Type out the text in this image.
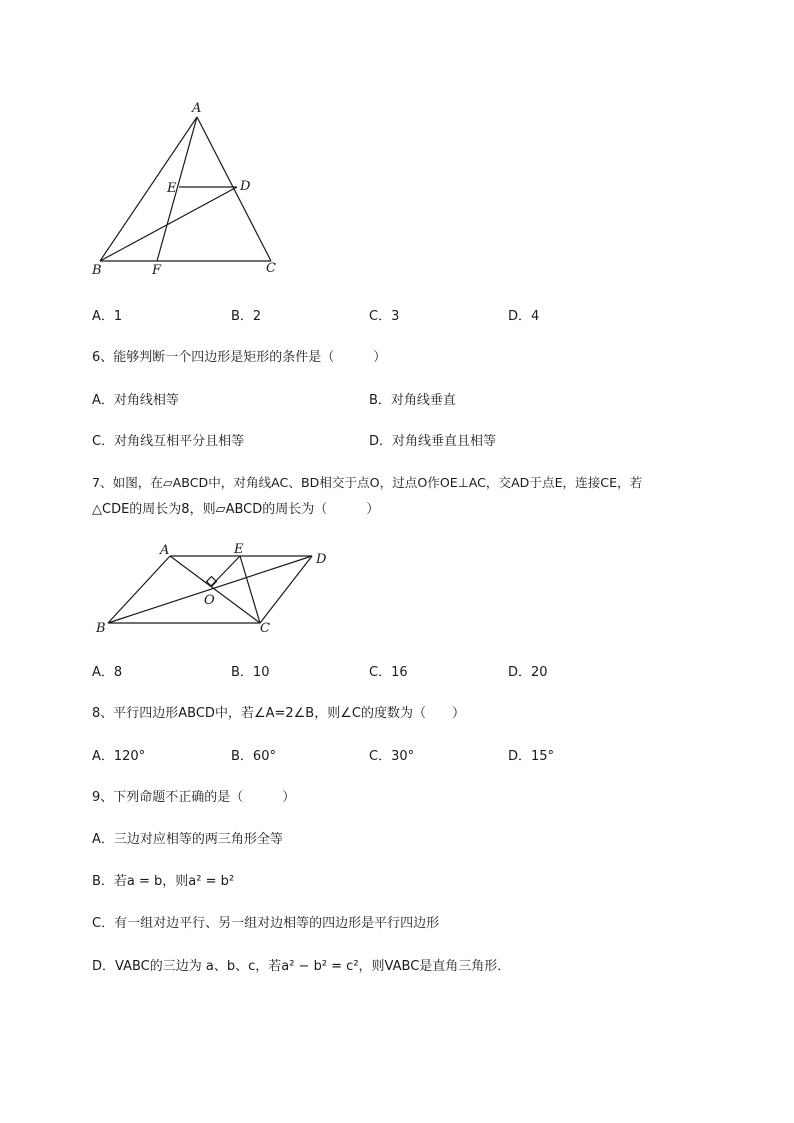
A
E	D
B	F	C
A．1	B．2	C．3	D．4
6、能够判断一个四边形是矩形的条件是（　　　）
A．对角线相等	B．对角线垂直
C．对角线互相平分且相等	D．对角线垂直且相等
7、如图，在▱ABCD中，对角线AC、BD相交于点O，过点O作OE⊥AC，交AD于点E，连接CE，若
△CDE的周长为8，则▱ABCD的周长为（　　　）
A	E
D
O
B	C
A．8	B．10	C．16	D．20
8、平行四边形ABCD中，若∠A=2∠B，则∠C的度数为（　　）
A．120°	B．60°	C．30°	D．15°
9、下列命题不正确的是（　　　）
A．三边对应相等的两三角形全等
B．若a = b，则a² = b²
C．有一组对边平行、另一组对边相等的四边形是平行四边形
D．VABC的三边为 a、b、c，若a² − b² = c²，则VABC是直角三角形．
